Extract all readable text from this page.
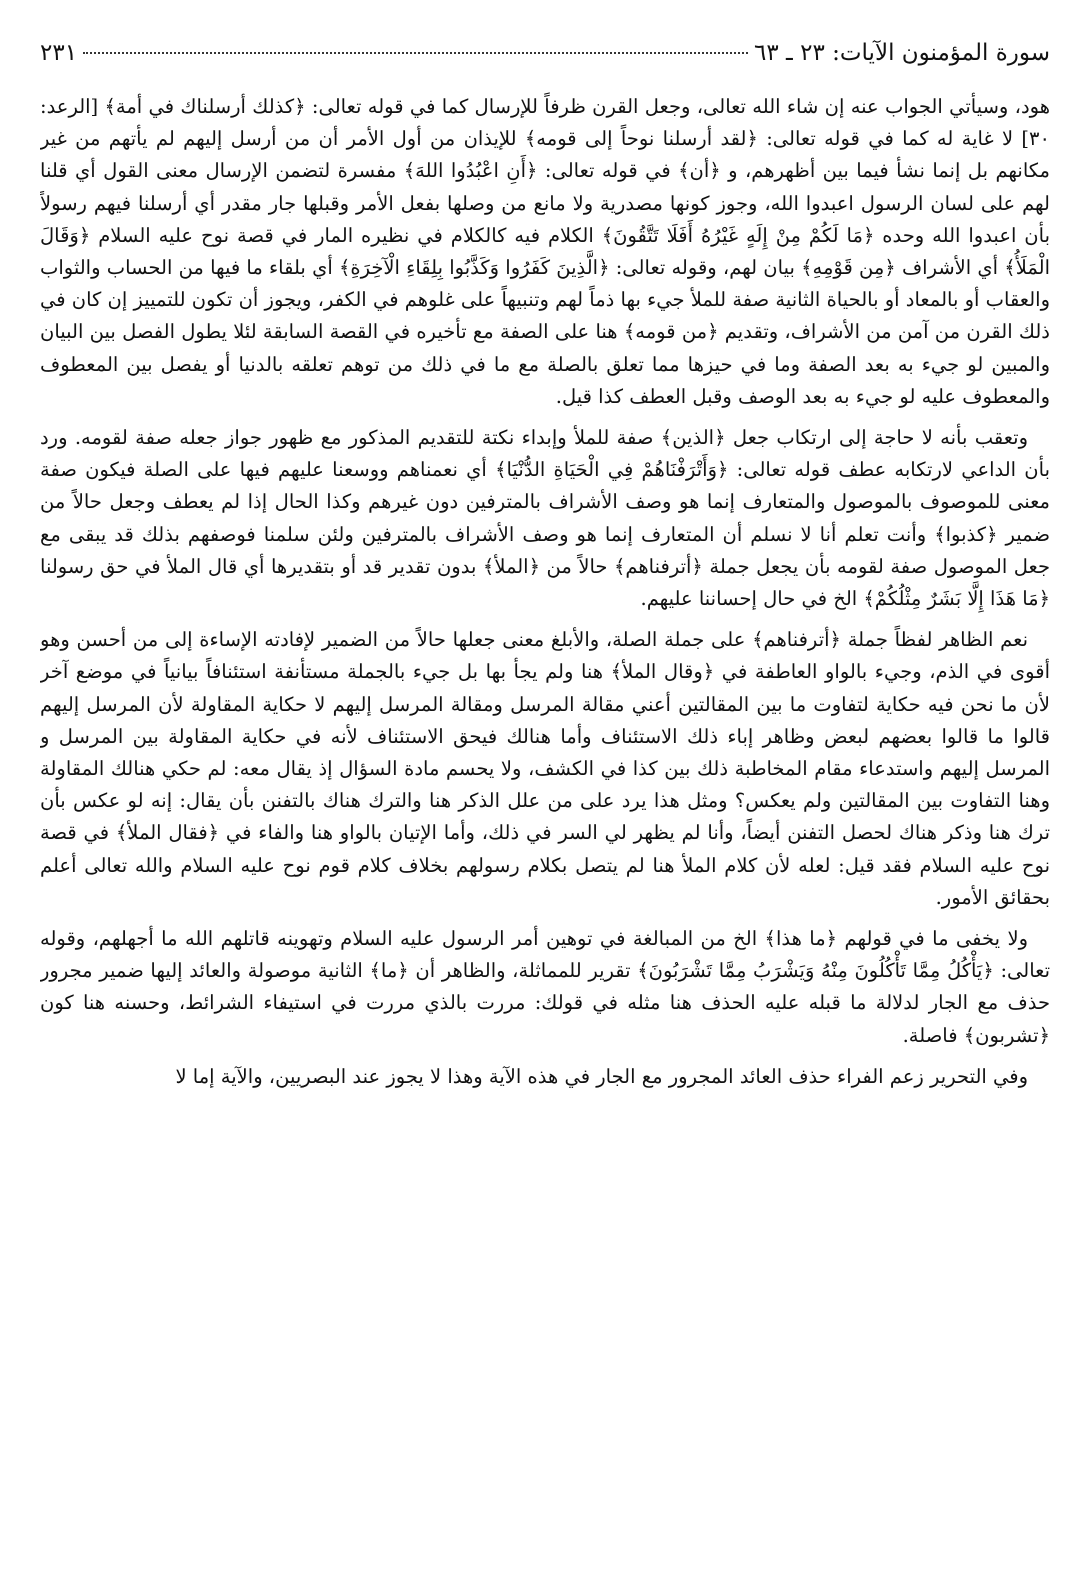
سورة المؤمنون الآيات: ٢٣ ـ ٦٣
٢٣١

هود، وسيأتي الجواب عنه إن شاء الله تعالى، وجعل القرن ظرفاً للإرسال كما في قوله تعالى: ﴿كذلك أرسلناك في أمة﴾ [الرعد: ٣٠] لا غاية له كما في قوله تعالى: ﴿لقد أرسلنا نوحاً إلى قومه﴾ للإيذان من أول الأمر أن من أرسل إليهم لم يأتهم من غير مكانهم بل إنما نشأ فيما بين أظهرهم، و ﴿أن﴾ في قوله تعالى: ﴿أَنِ اعْبُدُوا اللهَ﴾ مفسرة لتضمن الإرسال معنى القول أي قلنا لهم على لسان الرسول اعبدوا الله، وجوز كونها مصدرية ولا مانع من وصلها بفعل الأمر وقبلها جار مقدر أي أرسلنا فيهم رسولاً بأن اعبدوا الله وحده ﴿مَا لَكُمْ مِنْ إِلَهٍ غَيْرُهُ أَفَلَا تَتَّقُونَ﴾ الكلام فيه كالكلام في نظيره المار في قصة نوح عليه السلام ﴿وَقَالَ الْمَلَأُ﴾ أي الأشراف ﴿مِن قَوْمِهِ﴾ بيان لهم، وقوله تعالى: ﴿الَّذِينَ كَفَرُوا وَكَذَّبُوا بِلِقَاءِ الْآخِرَةِ﴾ أي بلقاء ما فيها من الحساب والثواب والعقاب أو بالمعاد أو بالحياة الثانية صفة للملأ جيء بها ذماً لهم وتنبيهاً على غلوهم في الكفر، ويجوز أن تكون للتمييز إن كان في ذلك القرن من آمن من الأشراف، وتقديم ﴿من قومه﴾ هنا على الصفة مع تأخيره في القصة السابقة لئلا يطول الفصل بين البيان والمبين لو جيء به بعد الصفة وما في حيزها مما تعلق بالصلة مع ما في ذلك من توهم تعلقه بالدنيا أو يفصل بين المعطوف والمعطوف عليه لو جيء به بعد الوصف وقبل العطف كذا قيل.

وتعقب بأنه لا حاجة إلى ارتكاب جعل ﴿الذين﴾ صفة للملأ وإبداء نكتة للتقديم المذكور مع ظهور جواز جعله صفة لقومه. ورد بأن الداعي لارتكابه عطف قوله تعالى: ﴿وَأَتْرَفْنَاهُمْ فِي الْحَيَاةِ الدُّنْيَا﴾ أي نعمناهم ووسعنا عليهم فيها على الصلة فيكون صفة معنى للموصوف بالموصول والمتعارف إنما هو وصف الأشراف بالمترفين دون غيرهم وكذا الحال إذا لم يعطف وجعل حالاً من ضمير ﴿كذبوا﴾ وأنت تعلم أنا لا نسلم أن المتعارف إنما هو وصف الأشراف بالمترفين ولئن سلمنا فوصفهم بذلك قد يبقى مع جعل الموصول صفة لقومه بأن يجعل جملة ﴿أترفناهم﴾ حالاً من ﴿الملأ﴾ بدون تقدير قد أو بتقديرها أي قال الملأ في حق رسولنا ﴿مَا هَذَا إِلَّا بَشَرٌ مِثْلُكُمْ﴾ الخ في حال إحساننا عليهم.

نعم الظاهر لفظاً جملة ﴿أترفناهم﴾ على جملة الصلة، والأبلغ معنى جعلها حالاً من الضمير لإفادته الإساءة إلى من أحسن وهو أقوى في الذم، وجيء بالواو العاطفة في ﴿وقال الملأ﴾ هنا ولم يجأ بها بل جيء بالجملة مستأنفة استئنافاً بيانياً في موضع آخر لأن ما نحن فيه حكاية لتفاوت ما بين المقالتين أعني مقالة المرسل ومقالة المرسل إليهم لا حكاية المقاولة لأن المرسل إليهم قالوا ما قالوا بعضهم لبعض وظاهر إباء ذلك الاستئناف وأما هنالك فيحق الاستئناف لأنه في حكاية المقاولة بين المرسل و المرسل إليهم واستدعاء مقام المخاطبة ذلك بين كذا في الكشف، ولا يحسم مادة السؤال إذ يقال معه: لم حكي هنالك المقاولة وهنا التفاوت بين المقالتين ولم يعكس؟ ومثل هذا يرد على من علل الذكر هنا والترك هناك بالتفنن بأن يقال: إنه لو عكس بأن ترك هنا وذكر هناك لحصل التفنن أيضاً، وأنا لم يظهر لي السر في ذلك، وأما الإتيان بالواو هنا والفاء في ﴿فقال الملأ﴾ في قصة نوح عليه السلام فقد قيل: لعله لأن كلام الملأ هنا لم يتصل بكلام رسولهم بخلاف كلام قوم نوح عليه السلام والله تعالى أعلم بحقائق الأمور.

ولا يخفى ما في قولهم ﴿ما هذا﴾ الخ من المبالغة في توهين أمر الرسول عليه السلام وتهوينه قاتلهم الله ما أجهلهم، وقوله تعالى: ﴿يَأْكُلُ مِمَّا تَأْكُلُونَ مِنْهُ وَيَشْرَبُ مِمَّا تَشْرَبُونَ﴾ تقرير للمماثلة، والظاهر أن ﴿ما﴾ الثانية موصولة والعائد إليها ضمير مجرور حذف مع الجار لدلالة ما قبله عليه الحذف هنا مثله في قولك: مررت بالذي مررت في استيفاء الشرائط، وحسنه هنا كون ﴿تشربون﴾ فاصلة.

وفي التحرير زعم الفراء حذف العائد المجرور مع الجار في هذه الآية وهذا لا يجوز عند البصريين، والآية إما لا
